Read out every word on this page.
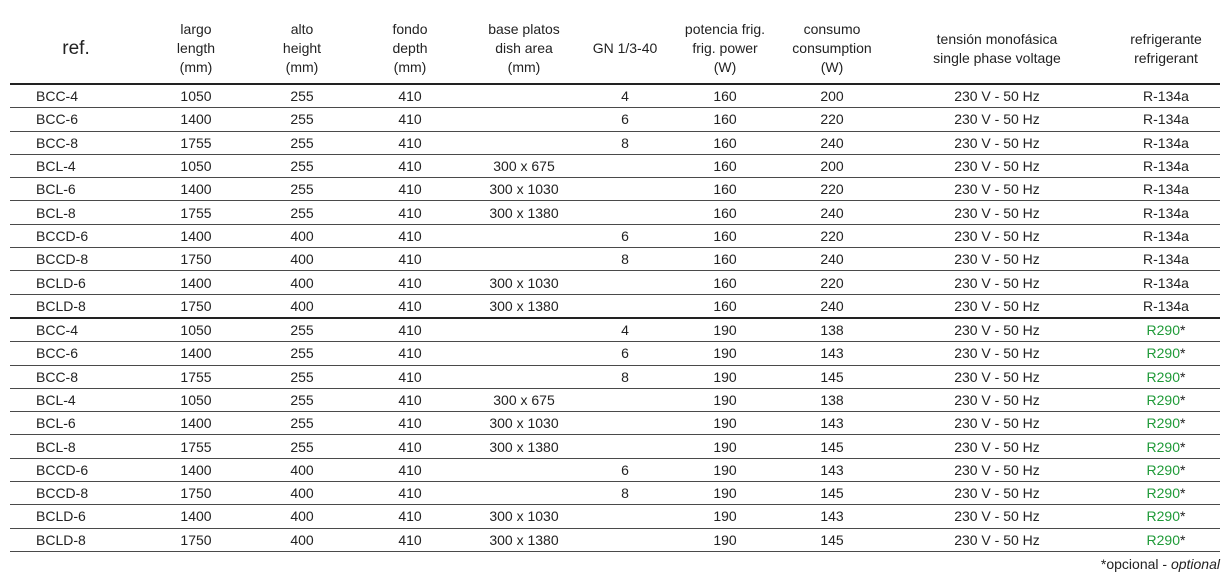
ref.	largo
length
(mm)	alto
height
(mm)	fondo
depth
(mm)	base platos
dish area
(mm)	GN 1/3-40	potencia frig.
frig. power
(W)	consumo
consumption
(W)	tensión monofásica
single phase voltage	refrigerante
refrigerant
BCC-4	1050	255	410		4	160	200	230 V - 50 Hz	R-134a
BCC-6	1400	255	410		6	160	220	230 V - 50 Hz	R-134a
BCC-8	1755	255	410		8	160	240	230 V - 50 Hz	R-134a
BCL-4	1050	255	410	300 x 675		160	200	230 V - 50 Hz	R-134a
BCL-6	1400	255	410	300 x 1030		160	220	230 V - 50 Hz	R-134a
BCL-8	1755	255	410	300 x 1380		160	240	230 V - 50 Hz	R-134a
BCCD-6	1400	400	410		6	160	220	230 V - 50 Hz	R-134a
BCCD-8	1750	400	410		8	160	240	230 V - 50 Hz	R-134a
BCLD-6	1400	400	410	300 x 1030		160	220	230 V - 50 Hz	R-134a
BCLD-8	1750	400	410	300 x 1380		160	240	230 V - 50 Hz	R-134a
BCC-4	1050	255	410		4	190	138	230 V - 50 Hz	R290*
BCC-6	1400	255	410		6	190	143	230 V - 50 Hz	R290*
BCC-8	1755	255	410		8	190	145	230 V - 50 Hz	R290*
BCL-4	1050	255	410	300 x 675		190	138	230 V - 50 Hz	R290*
BCL-6	1400	255	410	300 x 1030		190	143	230 V - 50 Hz	R290*
BCL-8	1755	255	410	300 x 1380		190	145	230 V - 50 Hz	R290*
BCCD-6	1400	400	410		6	190	143	230 V - 50 Hz	R290*
BCCD-8	1750	400	410		8	190	145	230 V - 50 Hz	R290*
BCLD-6	1400	400	410	300 x 1030		190	143	230 V - 50 Hz	R290*
BCLD-8	1750	400	410	300 x 1380		190	145	230 V - 50 Hz	R290*
*opcional - optional
